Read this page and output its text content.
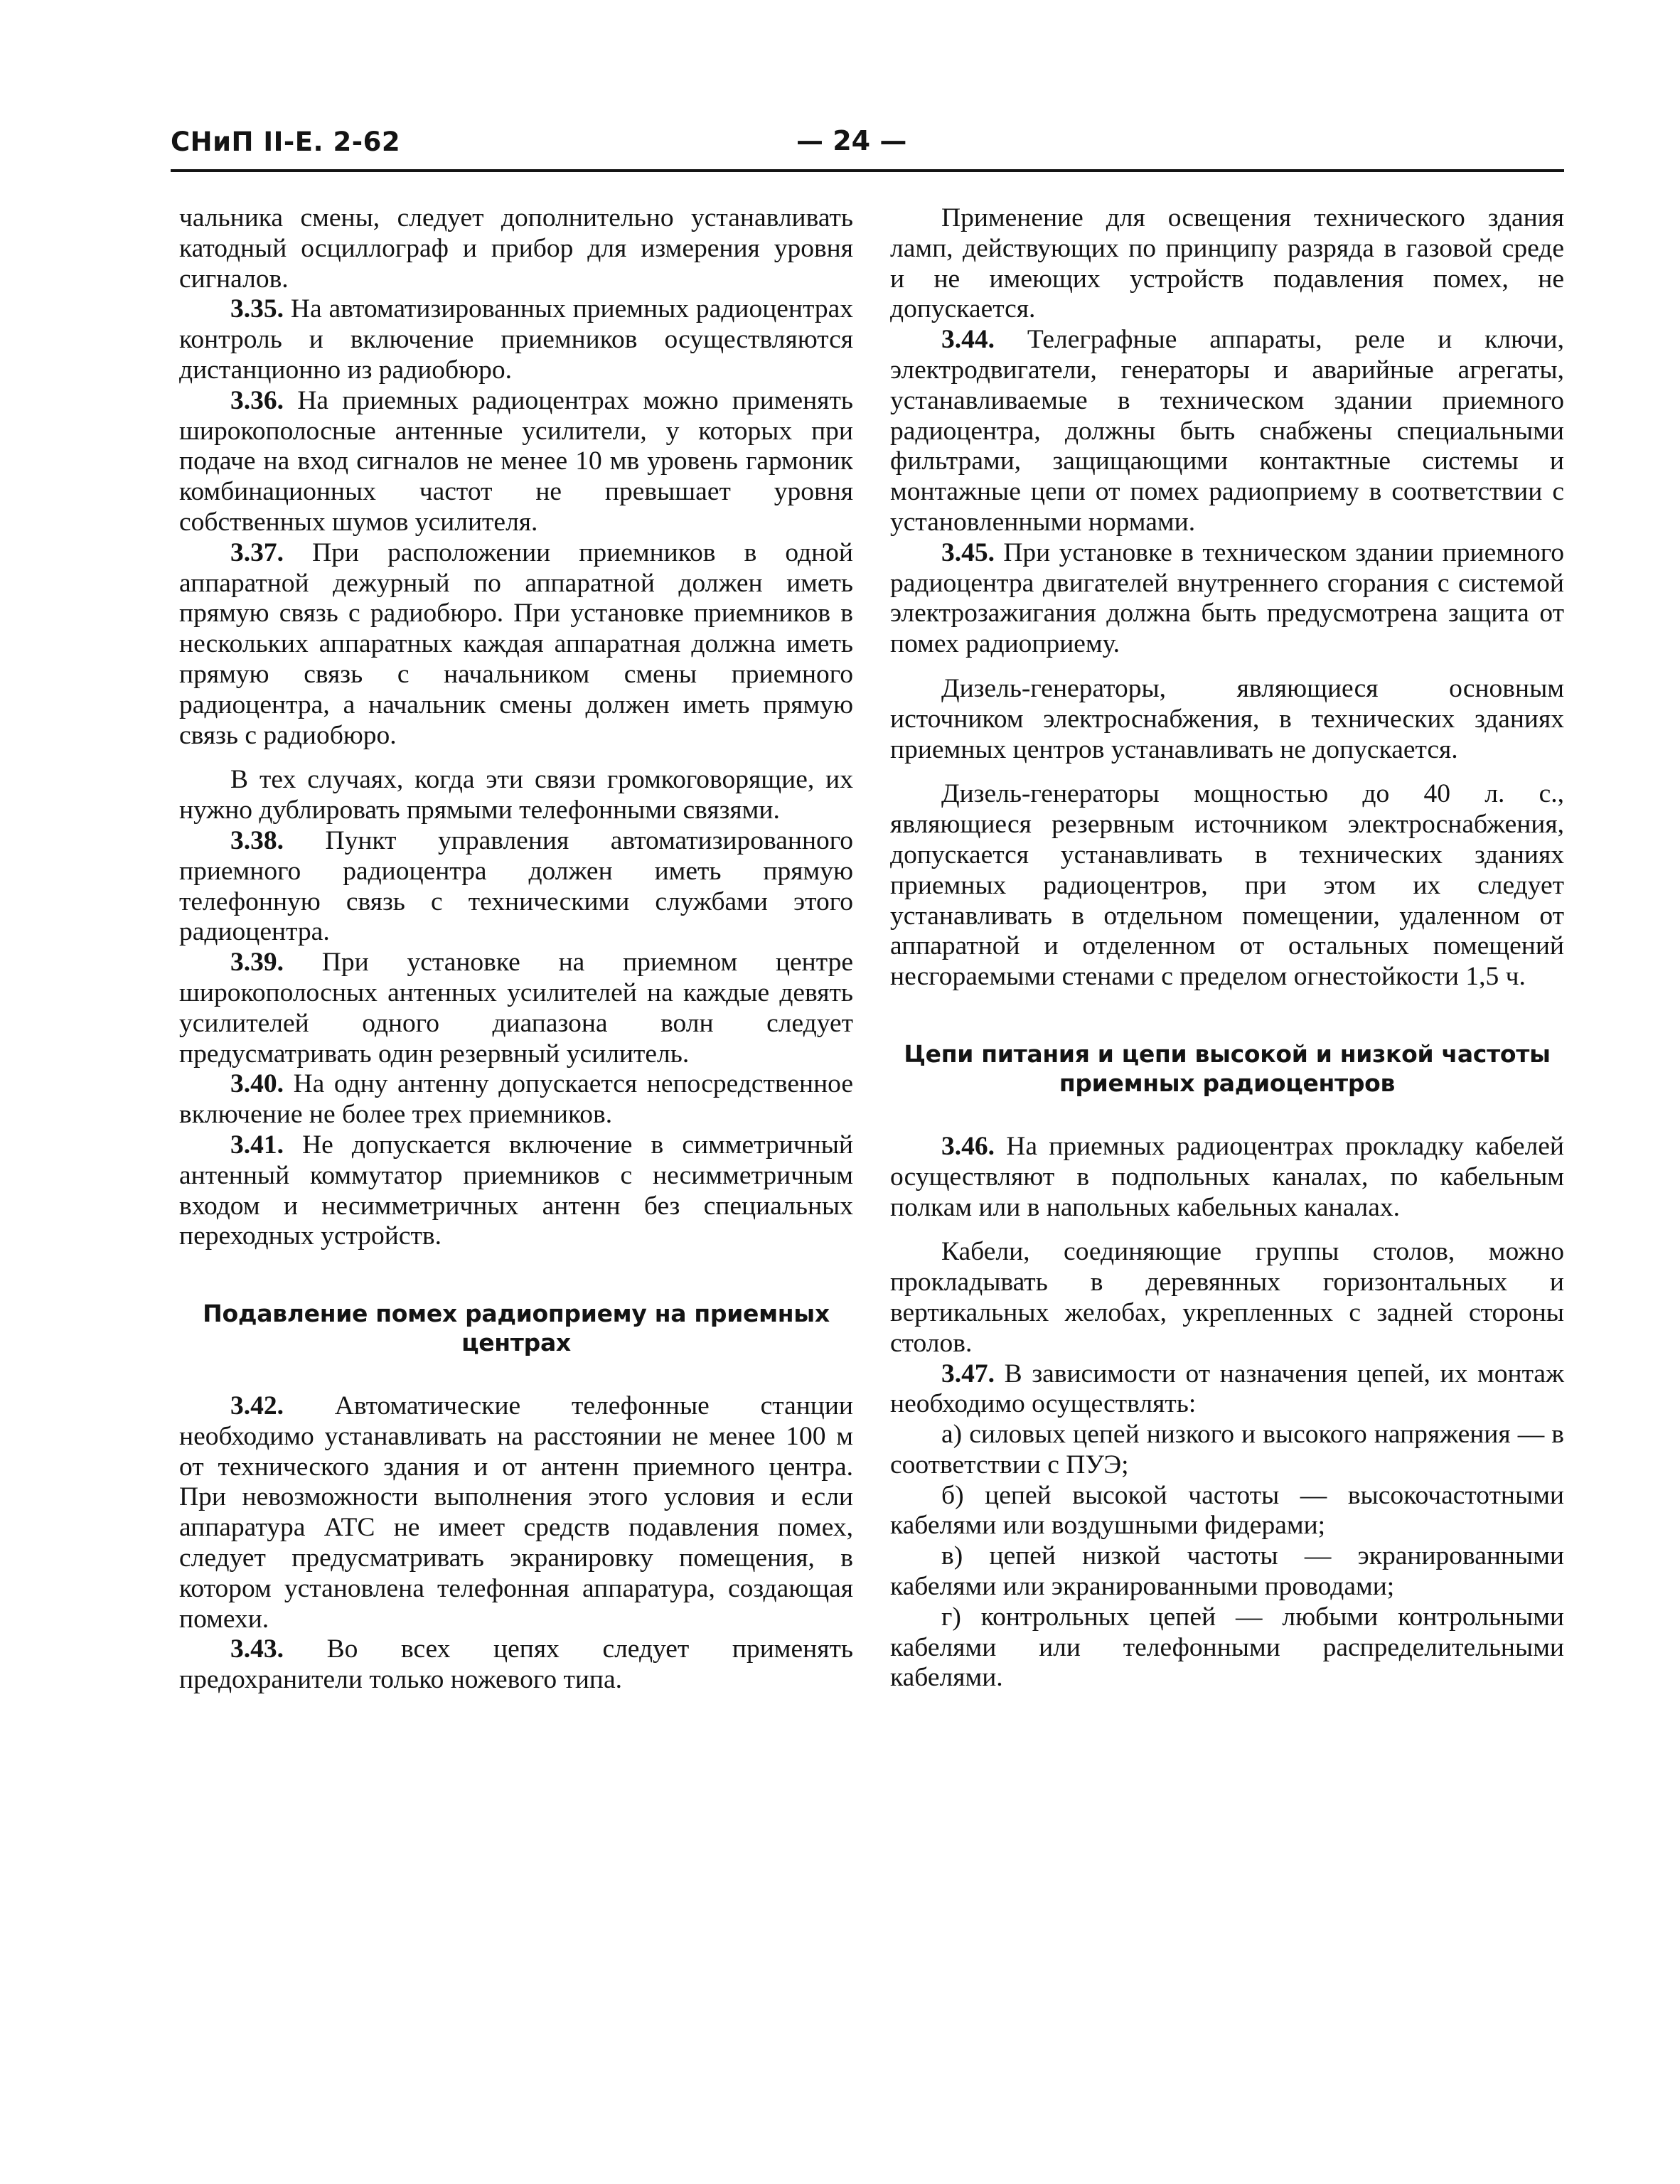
СНиП II-Е. 2-62	— 24 —

чальника смены, следует дополнительно устанавливать катодный осциллограф и прибор для измерения уровня сигналов.

3.35. На автоматизированных приемных радиоцентрах контроль и включение приемников осуществляются дистанционно из радиобюро.

3.36. На приемных радиоцентрах можно применять широкополосные антенные усилители, у которых при подаче на вход сигналов не менее 10 мв уровень гармоник комбинационных частот не превышает уровня собственных шумов усилителя.

3.37. При расположении приемников в одной аппаратной дежурный по аппаратной должен иметь прямую связь с радиобюро. При установке приемников в нескольких аппаратных каждая аппаратная должна иметь прямую связь с начальником смены приемного радиоцентра, а начальник смены должен иметь прямую связь с радиобюро.

В тех случаях, когда эти связи громкоговорящие, их нужно дублировать прямыми телефонными связями.

3.38. Пункт управления автоматизированного приемного радиоцентра должен иметь прямую телефонную связь с техническими службами этого радиоцентра.

3.39. При установке на приемном центре широкополосных антенных усилителей на каждые девять усилителей одного диапазона волн следует предусматривать один резервный усилитель.

3.40. На одну антенну допускается непосредственное включение не более трех приемников.

3.41. Не допускается включение в симметричный антенный коммутатор приемников с несимметричным входом и несимметричных антенн без специальных переходных устройств.

Подавление помех радиоприему на приемных центрах

3.42. Автоматические телефонные станции необходимо устанавливать на расстоянии не менее 100 м от технического здания и от антенн приемного центра. При невозможности выполнения этого условия и если аппаратура АТС не имеет средств подавления помех, следует предусматривать экранировку помещения, в котором установлена телефонная аппаратура, создающая помехи.

3.43. Во всех цепях следует применять предохранители только ножевого типа.

Применение для освещения технического здания ламп, действующих по принципу разряда в газовой среде и не имеющих устройств подавления помех, не допускается.

3.44. Телеграфные аппараты, реле и ключи, электродвигатели, генераторы и аварийные агрегаты, устанавливаемые в техническом здании приемного радиоцентра, должны быть снабжены специальными фильтрами, защищающими контактные системы и монтажные цепи от помех радиоприему в соответствии с установленными нормами.

3.45. При установке в техническом здании приемного радиоцентра двигателей внутреннего сгорания с системой электрозажигания должна быть предусмотрена защита от помех радиоприему.

Дизель-генераторы, являющиеся основным источником электроснабжения, в технических зданиях приемных центров устанавливать не допускается.

Дизель-генераторы мощностью до 40 л. с., являющиеся резервным источником электроснабжения, допускается устанавливать в технических зданиях приемных радиоцентров, при этом их следует устанавливать в отдельном помещении, удаленном от аппаратной и отделенном от остальных помещений несгораемыми стенами с пределом огнестойкости 1,5 ч.

Цепи питания и цепи высокой и низкой частоты приемных радиоцентров

3.46. На приемных радиоцентрах прокладку кабелей осуществляют в подпольных каналах, по кабельным полкам или в напольных кабельных каналах.

Кабели, соединяющие группы столов, можно прокладывать в деревянных горизонтальных и вертикальных желобах, укрепленных с задней стороны столов.

3.47. В зависимости от назначения цепей, их монтаж необходимо осуществлять:

а) силовых цепей низкого и высокого напряжения — в соответствии с ПУЭ;

б) цепей высокой частоты — высокочастотными кабелями или воздушными фидерами;

в) цепей низкой частоты — экранированными кабелями или экранированными проводами;

г) контрольных цепей — любыми контрольными кабелями или телефонными распределительными кабелями.
